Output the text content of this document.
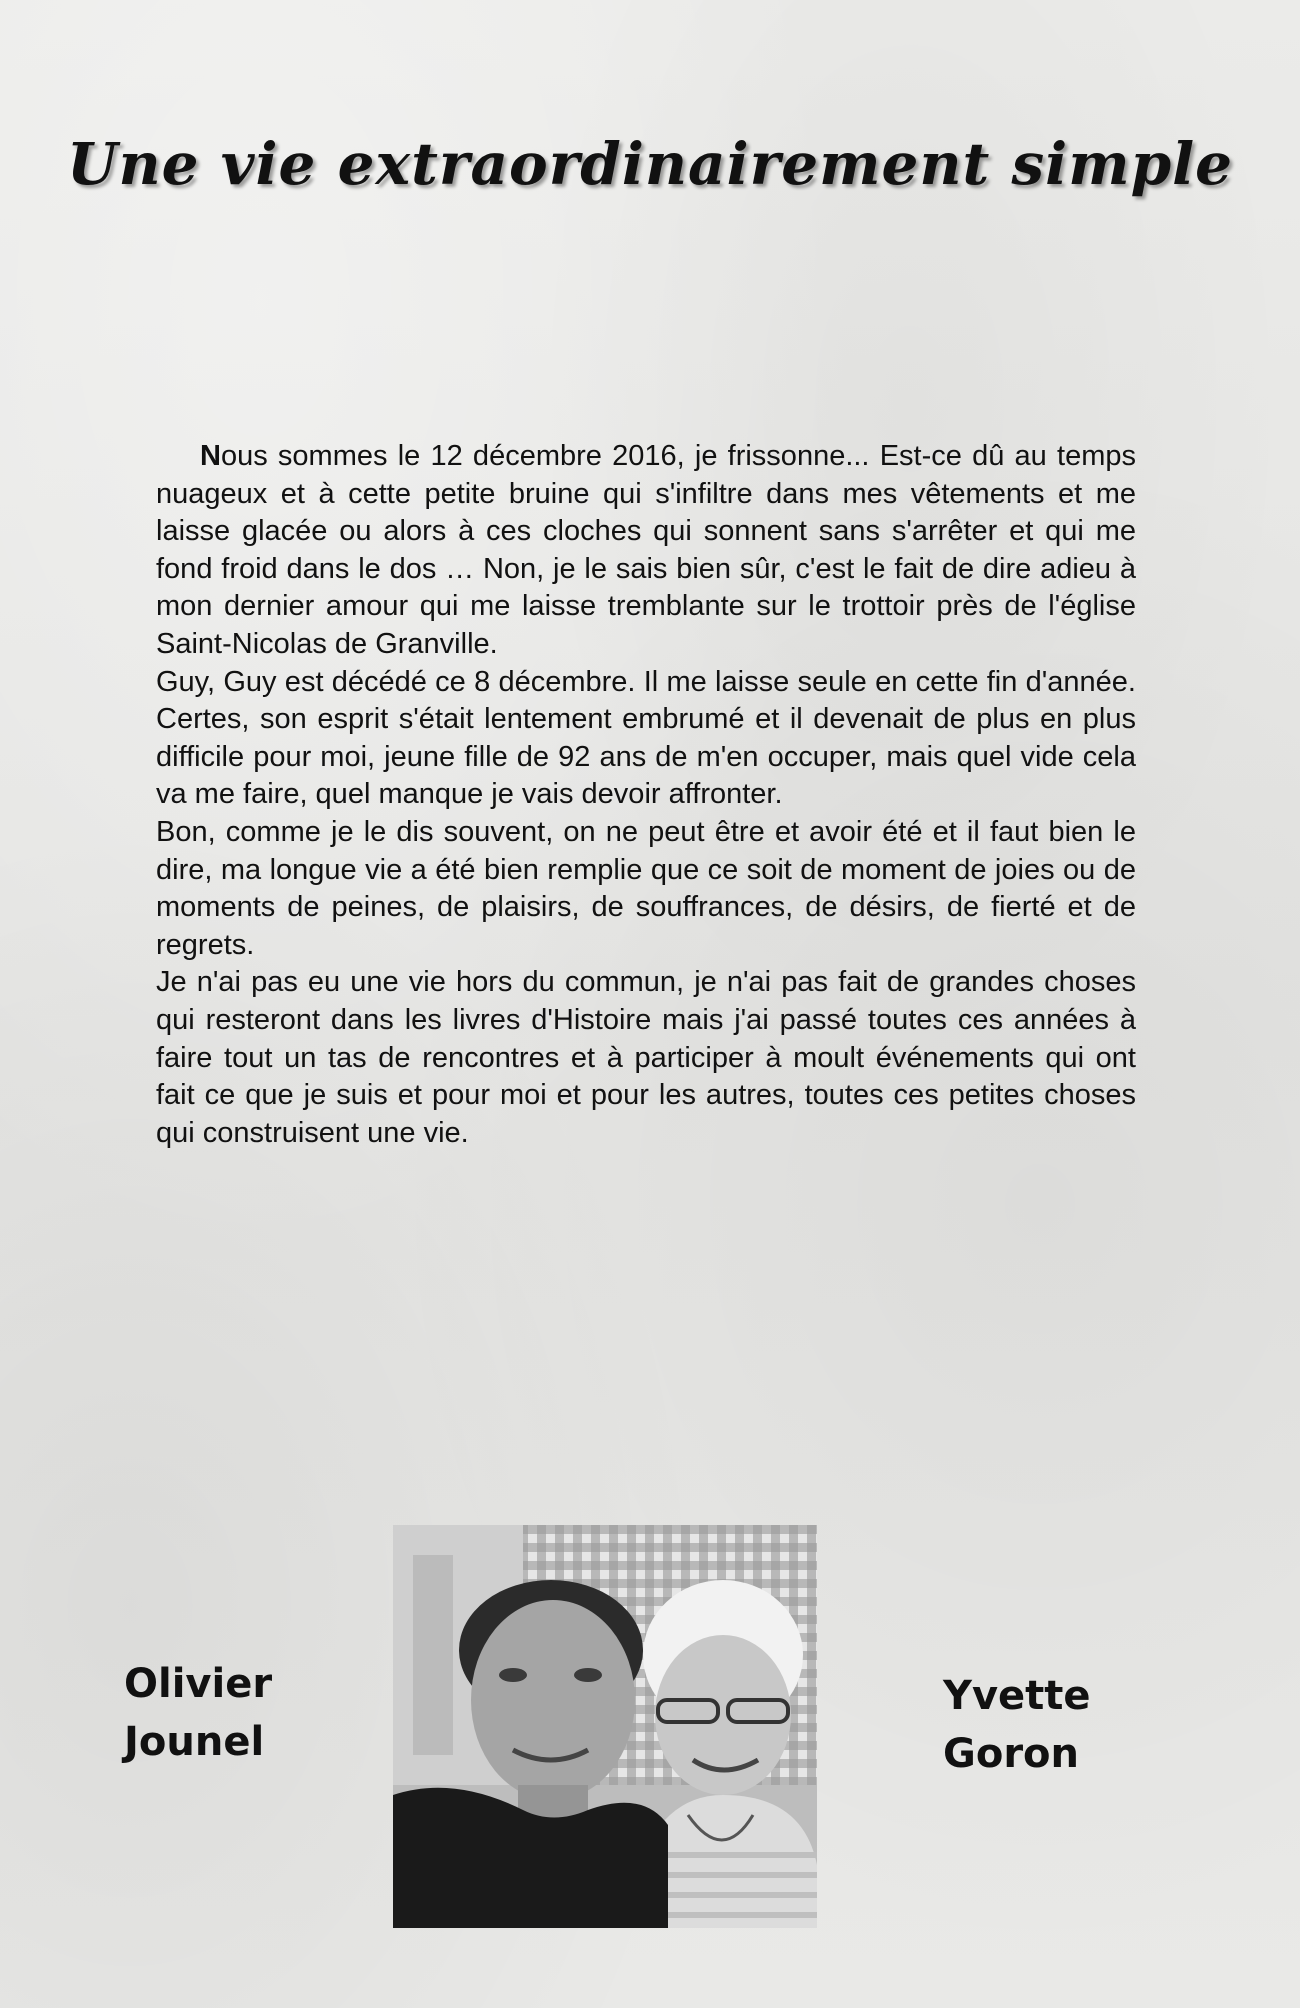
Une vie extraordinairement simple

Nous sommes le 12 décembre 2016, je frissonne... Est-ce dû au temps nuageux et à cette petite bruine qui s'infiltre dans mes vêtements et me laisse glacée ou alors à ces cloches qui sonnent sans s'arrêter et qui me fond froid dans le dos … Non, je le sais bien sûr, c'est le fait de dire adieu à mon dernier amour qui me laisse tremblante sur le trottoir près de l'église Saint-Nicolas de Granville.

Guy, Guy est décédé ce 8 décembre. Il me laisse seule en cette fin d'année. Certes, son esprit s'était lentement embrumé et il devenait de plus en plus difficile pour moi, jeune fille de 92 ans de m'en occuper, mais quel vide cela va me faire, quel manque je vais devoir affronter.

Bon, comme je le dis souvent, on ne peut être et avoir été et il faut bien le dire, ma longue vie a été bien remplie que ce soit de moment de joies ou de moments de peines, de plaisirs, de souffrances, de désirs, de fierté et de regrets.

Je n'ai pas eu une vie hors du commun, je n'ai pas fait de grandes choses qui resteront dans les livres d'Histoire mais j'ai passé toutes ces années à faire tout un tas de rencontres et à participer à moult événements qui ont fait ce que je suis et pour moi et pour les autres, toutes ces petites choses qui construisent une vie.

Olivier
Jounel
Yvette
Goron
